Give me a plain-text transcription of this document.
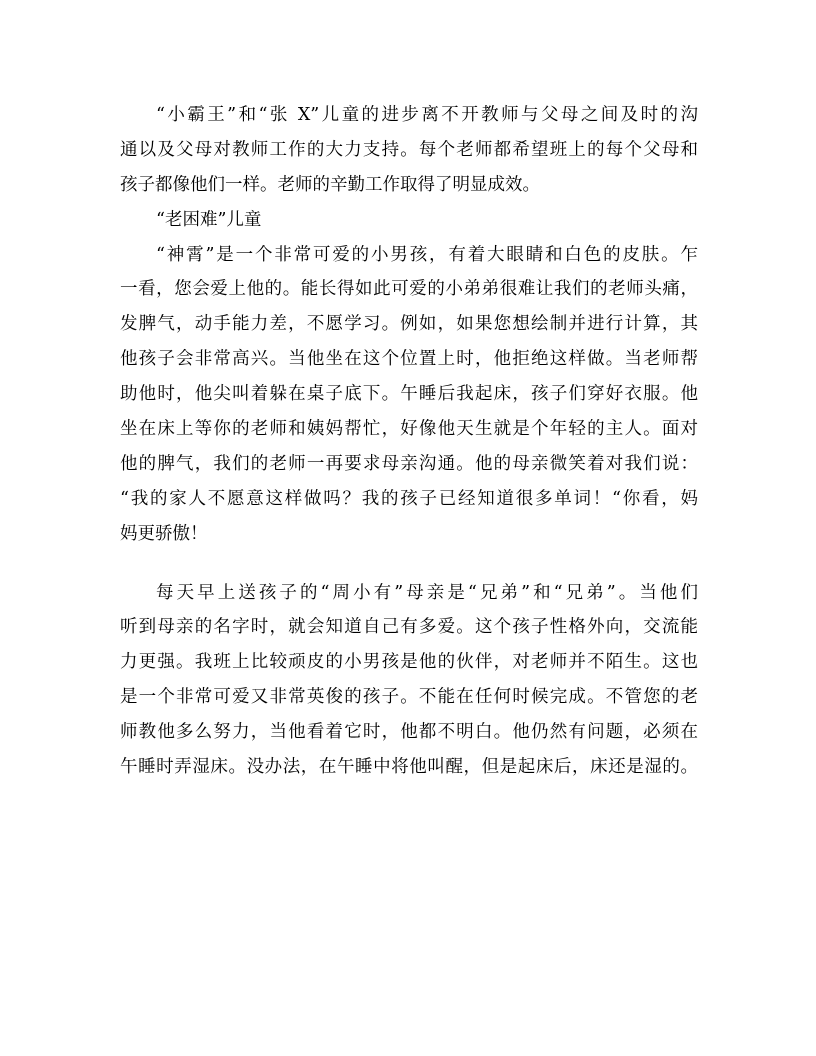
“小霸王”和“张 X”儿童的进步离不开教师与父母之间及时的沟
通以及父母对教师工作的大力支持。每个老师都希望班上的每个父母和
孩子都像他们一样。老师的辛勤工作取得了明显成效。
“老困难”儿童
“神霄”是一个非常可爱的小男孩，有着大眼睛和白色的皮肤。乍
一看，您会爱上他的。能长得如此可爱的小弟弟很难让我们的老师头痛，
发脾气，动手能力差，不愿学习。例如，如果您想绘制并进行计算，其
他孩子会非常高兴。当他坐在这个位置上时，他拒绝这样做。当老师帮
助他时，他尖叫着躲在桌子底下。午睡后我起床，孩子们穿好衣服。他
坐在床上等你的老师和姨妈帮忙，好像他天生就是个年轻的主人。面对
他的脾气，我们的老师一再要求母亲沟通。他的母亲微笑着对我们说：
“我的家人不愿意这样做吗？我的孩子已经知道很多单词！“你看，妈
妈更骄傲！
每天早上送孩子的“周小有”母亲是“兄弟”和“兄弟”。当他们
听到母亲的名字时，就会知道自己有多爱。这个孩子性格外向，交流能
力更强。我班上比较顽皮的小男孩是他的伙伴，对老师并不陌生。这也
是一个非常可爱又非常英俊的孩子。不能在任何时候完成。不管您的老
师教他多么努力，当他看着它时，他都不明白。他仍然有问题，必须在
午睡时弄湿床。没办法，在午睡中将他叫醒，但是起床后，床还是湿的。
